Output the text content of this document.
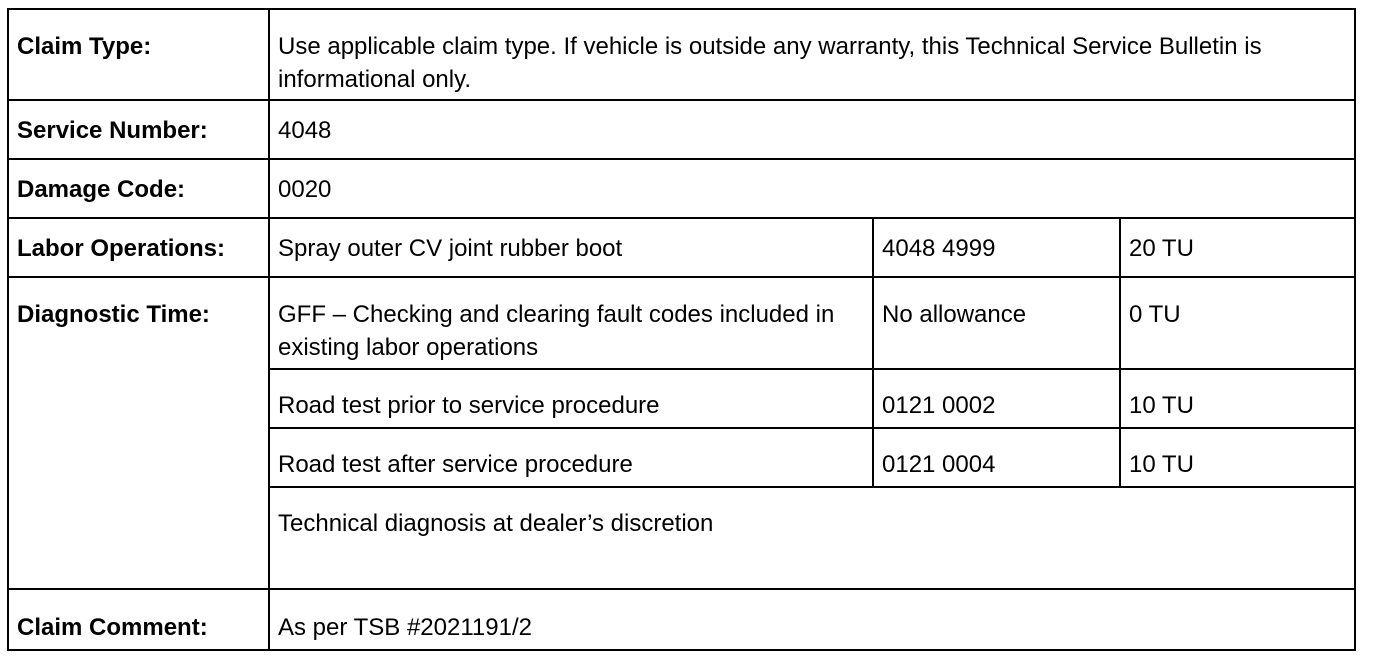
Claim Type:	Use applicable claim type. If vehicle is outside any warranty, this Technical Service Bulletin is informational only.		
Service Number:	4048		
Damage Code:	0020		
Labor Operations:	Spray outer CV joint rubber boot	4048 4999	20 TU
Diagnostic Time:	GFF – Checking and clearing fault codes included in existing labor operations	No allowance	0 TU
	Road test prior to service procedure	0121 0002	10 TU
	Road test after service procedure	0121 0004	10 TU
	Technical diagnosis at dealer’s discretion		
Claim Comment:	As per TSB #2021191/2		
